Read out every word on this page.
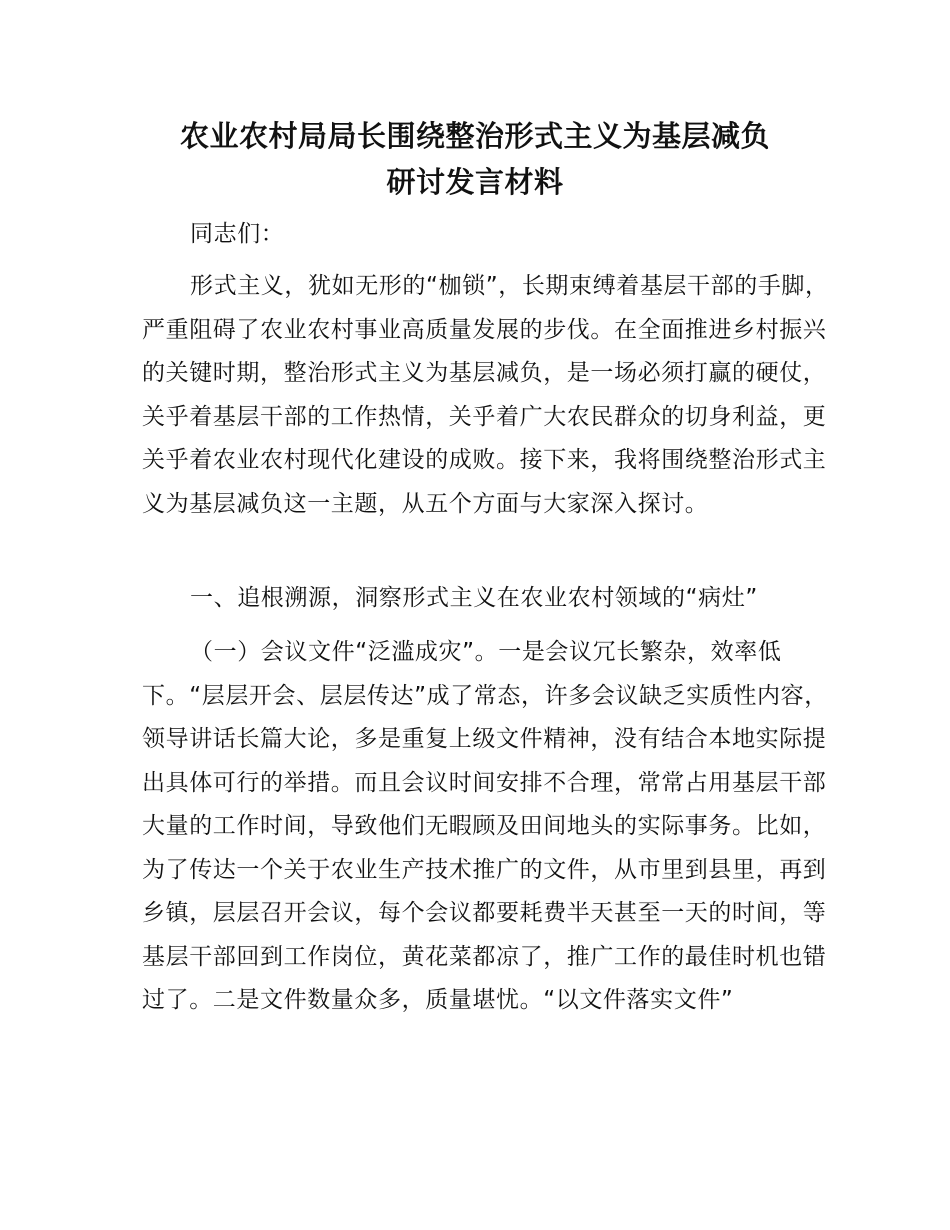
农业农村局局长围绕整治形式主义为基层减负
研讨发言材料

同志们：

形式主义，犹如无形的“枷锁”，长期束缚着基层干部的手脚，严重阻碍了农业农村事业高质量发展的步伐。在全面推进乡村振兴的关键时期，整治形式主义为基层减负，是一场必须打赢的硬仗，关乎着基层干部的工作热情，关乎着广大农民群众的切身利益，更关乎着农业农村现代化建设的成败。接下来，我将围绕整治形式主义为基层减负这一主题，从五个方面与大家深入探讨。

一、追根溯源，洞察形式主义在农业农村领域的“病灶”

（一）会议文件“泛滥成灾”。一是会议冗长繁杂，效率低下。“层层开会、层层传达”成了常态，许多会议缺乏实质性内容，领导讲话长篇大论，多是重复上级文件精神，没有结合本地实际提出具体可行的举措。而且会议时间安排不合理，常常占用基层干部大量的工作时间，导致他们无暇顾及田间地头的实际事务。比如，为了传达一个关于农业生产技术推广的文件，从市里到县里，再到乡镇，层层召开会议，每个会议都要耗费半天甚至一天的时间，等基层干部回到工作岗位，黄花菜都凉了，推广工作的最佳时机也错过了。二是文件数量众多，质量堪忧。“以文件落实文件”
